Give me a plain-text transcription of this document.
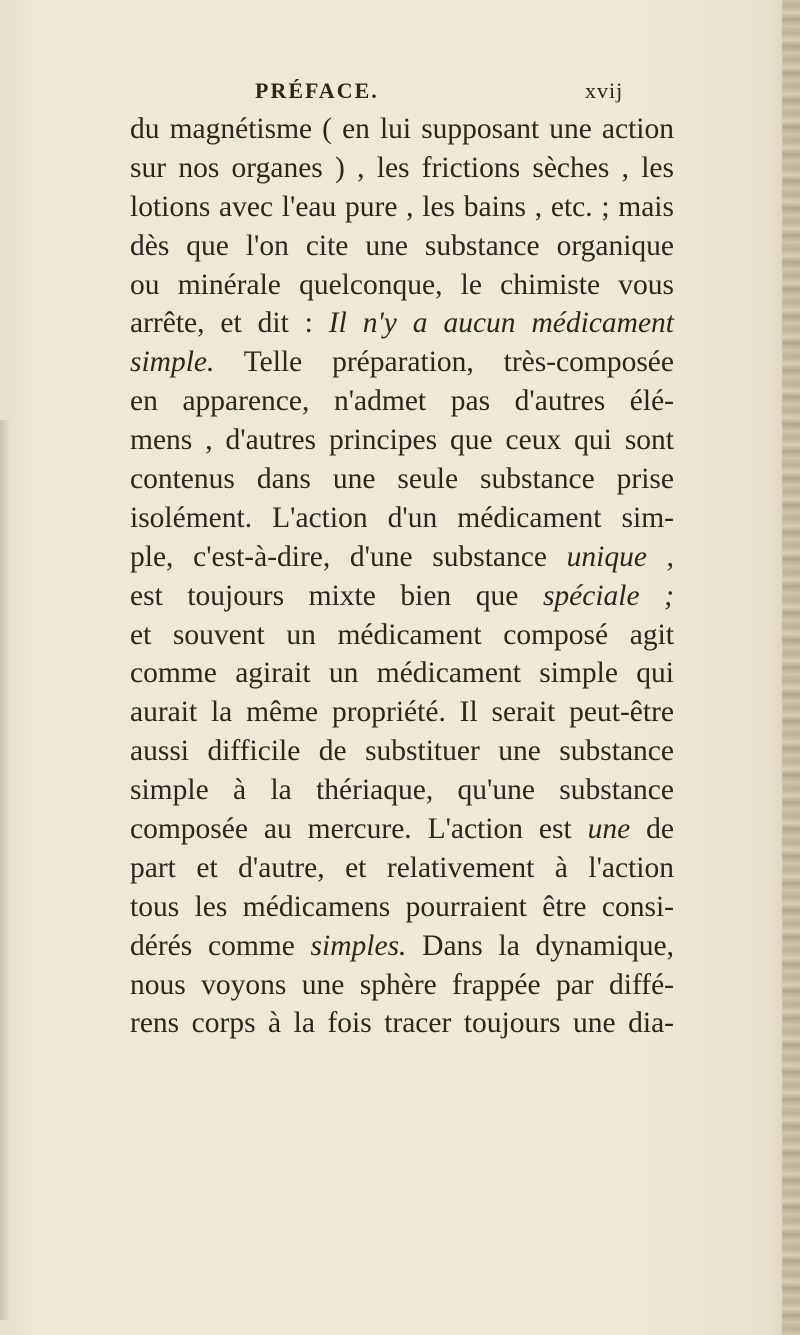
PRÉFACE.	xvij
du magnétisme ( en lui supposant une action
sur nos organes ) , les frictions sèches , les
lotions avec l'eau pure , les bains , etc. ; mais
dès que l'on cite une substance organique
ou minérale quelconque, le chimiste vous
arrête, et dit : Il n'y a aucun médicament
simple. Telle préparation, très-composée
en apparence, n'admet pas d'autres élé-
mens , d'autres principes que ceux qui sont
contenus dans une seule substance prise
isolément. L'action d'un médicament sim-
ple, c'est-à-dire, d'une substance unique ,
est toujours mixte bien que spéciale ;
et souvent un médicament composé agit
comme agirait un médicament simple qui
aurait la même propriété. Il serait peut-être
aussi difficile de substituer une substance
simple à la thériaque, qu'une substance
composée au mercure. L'action est une de
part et d'autre, et relativement à l'action
tous les médicamens pourraient être consi-
dérés comme simples. Dans la dynamique,
nous voyons une sphère frappée par diffé-
rens corps à la fois tracer toujours une dia-
